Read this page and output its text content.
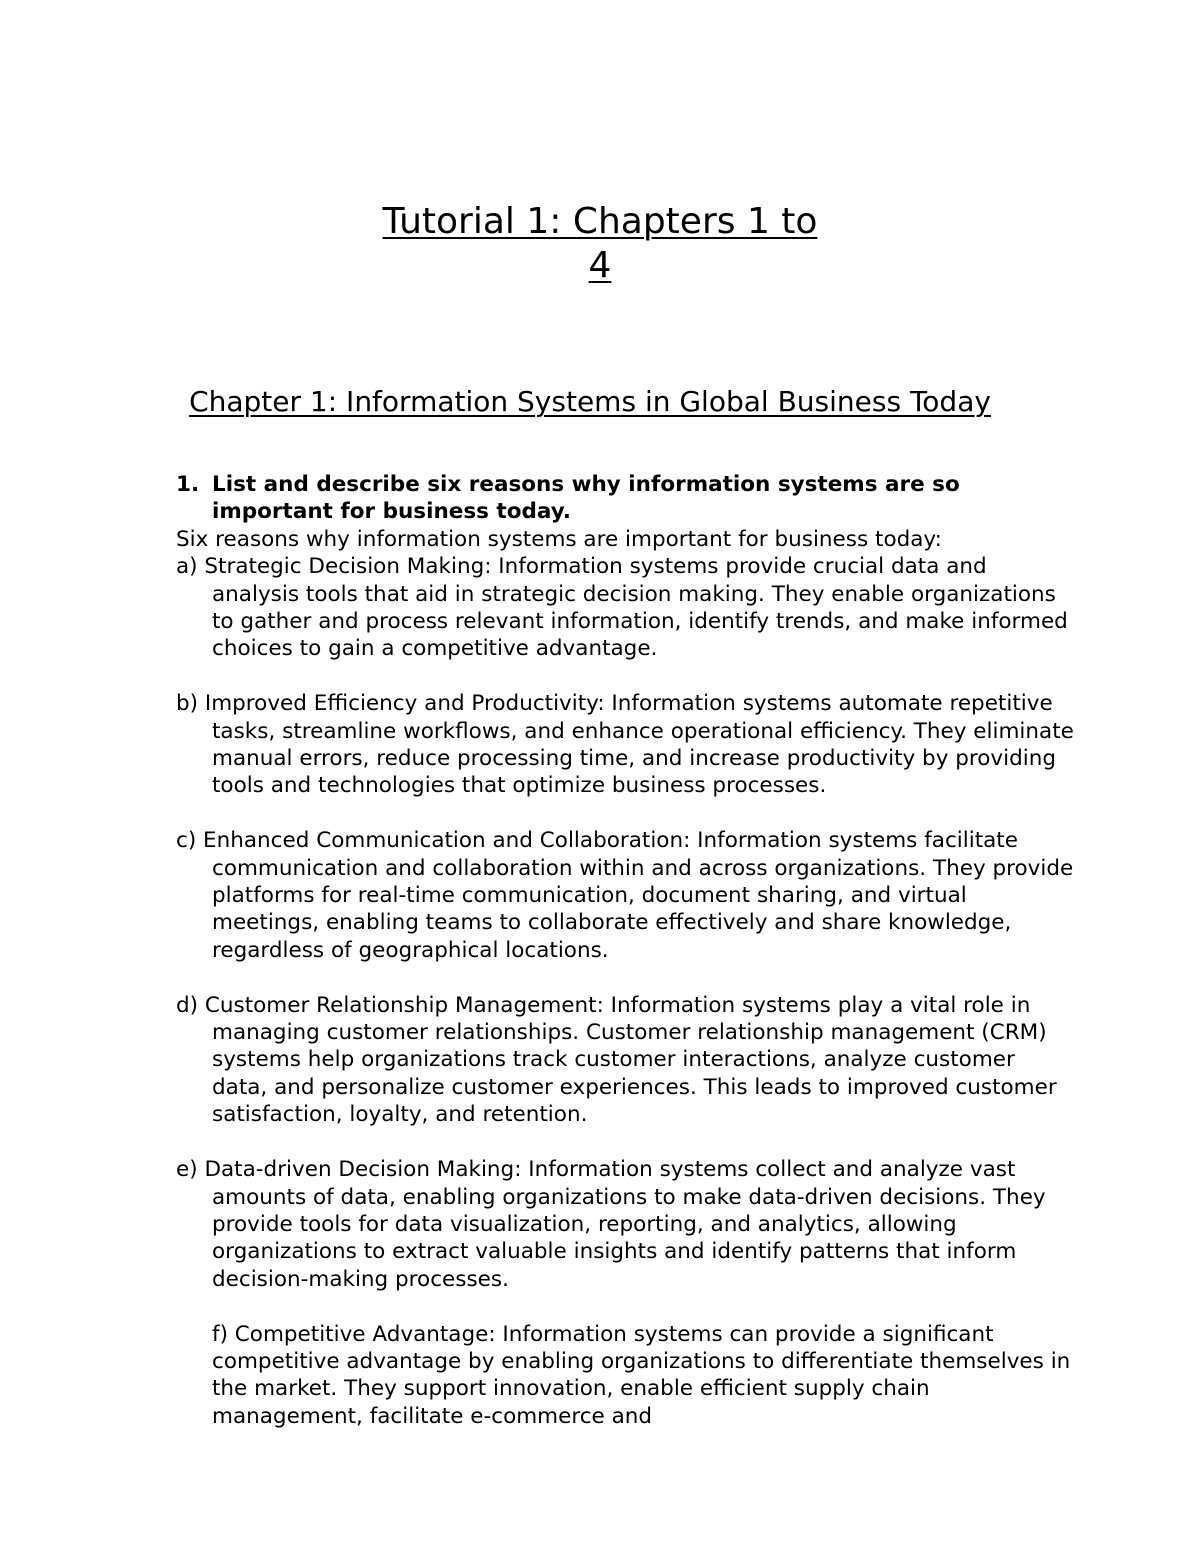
Tutorial 1: Chapters 1 to
4
Chapter 1: Information Systems in Global Business Today

1. List and describe six reasons why information systems are so important for business today.

Six reasons why information systems are important for business today:

a) Strategic Decision Making: Information systems provide crucial data and analysis tools that aid in strategic decision making. They enable organizations to gather and process relevant information, identify trends, and make informed choices to gain a competitive advantage.

b) Improved Efficiency and Productivity: Information systems automate repetitive tasks, streamline workflows, and enhance operational efficiency. They eliminate manual errors, reduce processing time, and increase productivity by providing tools and technologies that optimize business processes.

c) Enhanced Communication and Collaboration: Information systems facilitate communication and collaboration within and across organizations. They provide platforms for real-time communication, document sharing, and virtual meetings, enabling teams to collaborate effectively and share knowledge, regardless of geographical locations.

d) Customer Relationship Management: Information systems play a vital role in managing customer relationships. Customer relationship management (CRM) systems help organizations track customer interactions, analyze customer data, and personalize customer experiences. This leads to improved customer satisfaction, loyalty, and retention.

e) Data-driven Decision Making: Information systems collect and analyze vast amounts of data, enabling organizations to make data-driven decisions. They provide tools for data visualization, reporting, and analytics, allowing organizations to extract valuable insights and identify patterns that inform decision-making processes.

f) Competitive Advantage: Information systems can provide a significant competitive advantage by enabling organizations to differentiate themselves in the market. They support innovation, enable efficient supply chain management, facilitate e-commerce and
